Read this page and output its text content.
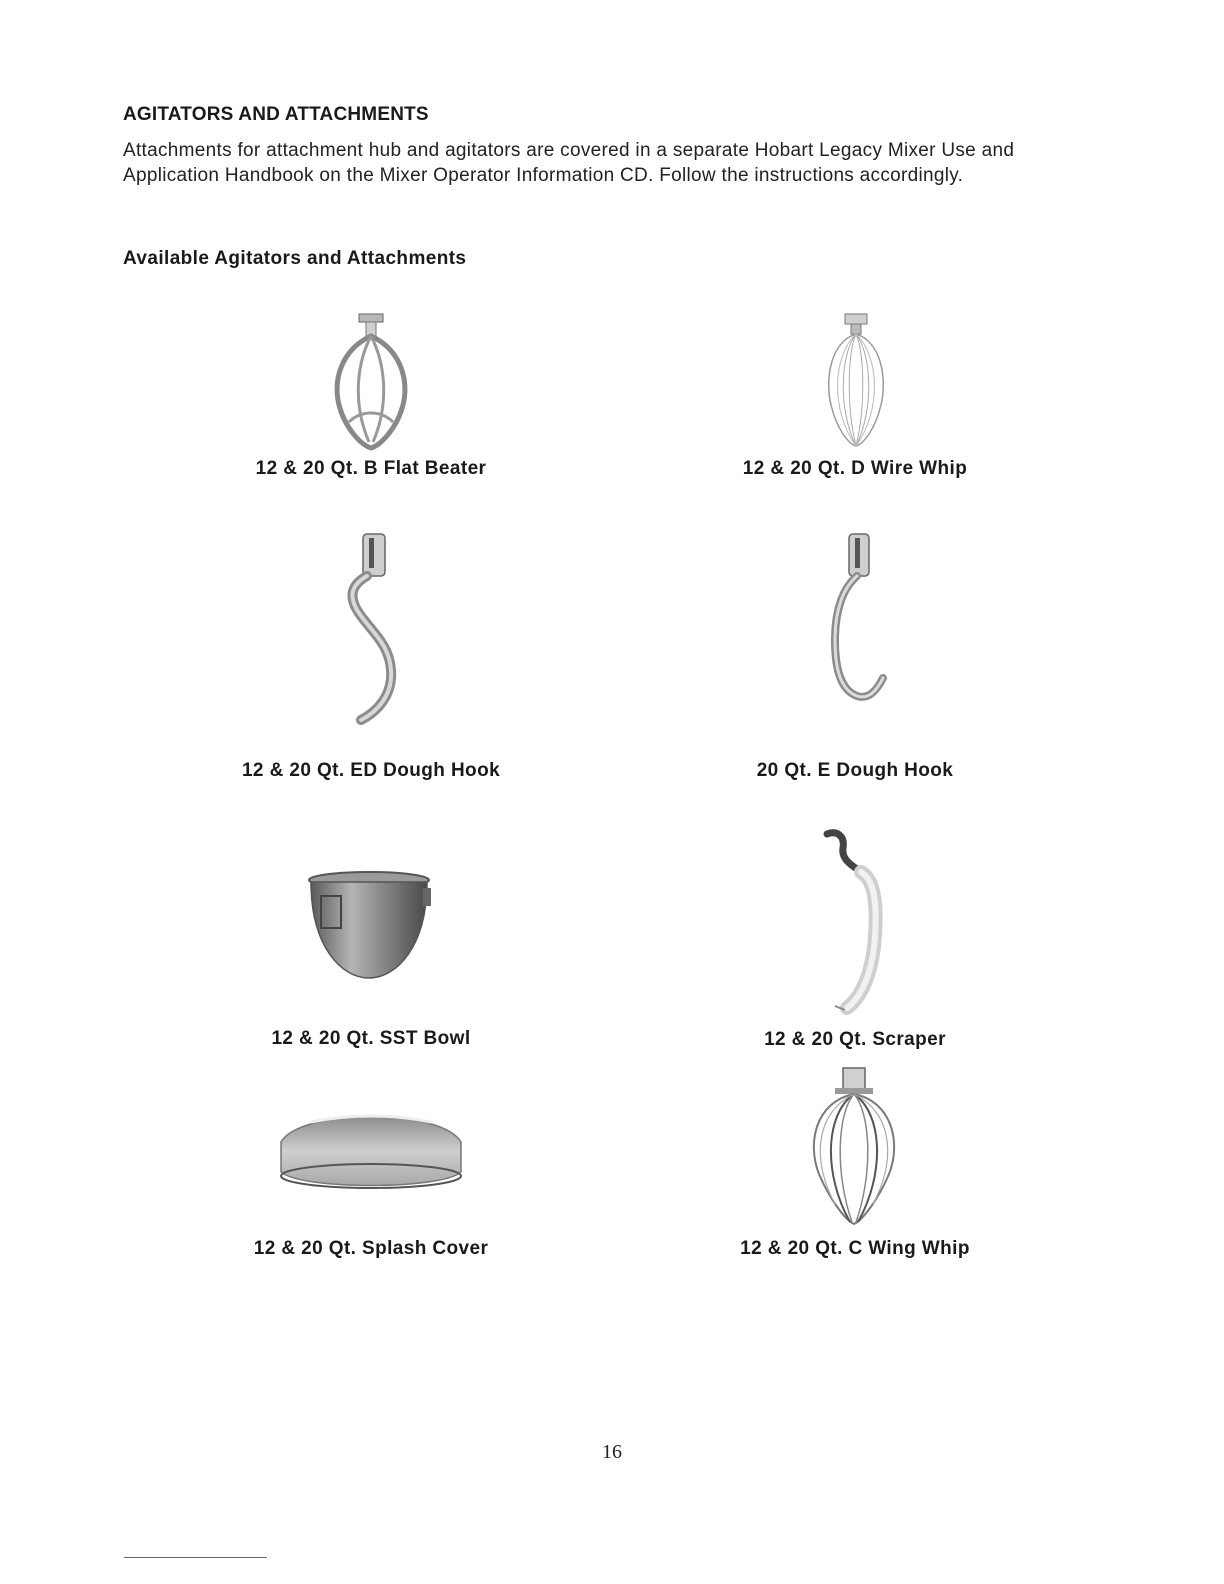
AGITATORS AND ATTACHMENTS
Attachments for attachment hub and agitators are covered in a separate Hobart Legacy Mixer Use and Application Handbook on the Mixer Operator Information CD. Follow the instructions accordingly.
Available Agitators and Attachments
12 & 20 Qt. B Flat Beater	12 & 20 Qt. D Wire Whip
12 & 20 Qt. ED Dough Hook	20 Qt. E Dough Hook
12 & 20 Qt. SST Bowl	12 & 20 Qt. Scraper
12 & 20 Qt. Splash Cover	12 & 20 Qt. C Wing Whip
16
